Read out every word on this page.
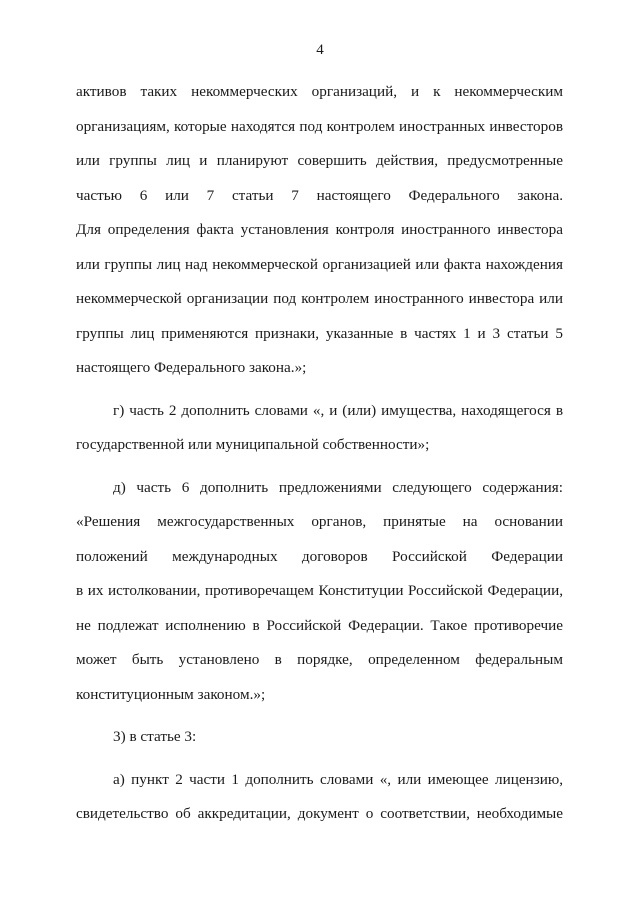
4
активов таких некоммерческих организаций, и к некоммерческим
организациям, которые находятся под контролем иностранных инвесторов
или группы лиц и планируют совершить действия, предусмотренные
частью 6 или 7 статьи 7 настоящего Федерального закона.
Для определения факта установления контроля иностранного инвестора
или группы лиц над некоммерческой организацией или факта нахождения
некоммерческой организации под контролем иностранного инвестора или
группы лиц применяются признаки, указанные в частях 1 и 3 статьи 5
настоящего Федерального закона.»;
г) часть 2 дополнить словами «, и (или) имущества, находящегося в
государственной или муниципальной собственности»;
д) часть 6 дополнить предложениями следующего содержания:
«Решения межгосударственных органов, принятые на основании
положений международных договоров Российской Федерации
в их истолковании, противоречащем Конституции Российской Федерации,
не подлежат исполнению в Российской Федерации. Такое противоречие
может быть установлено в порядке, определенном федеральным
конституционным законом.»;
3) в статье 3:
а) пункт 2 части 1 дополнить словами «, или имеющее лицензию,
свидетельство об аккредитации, документ о соответствии, необходимые
